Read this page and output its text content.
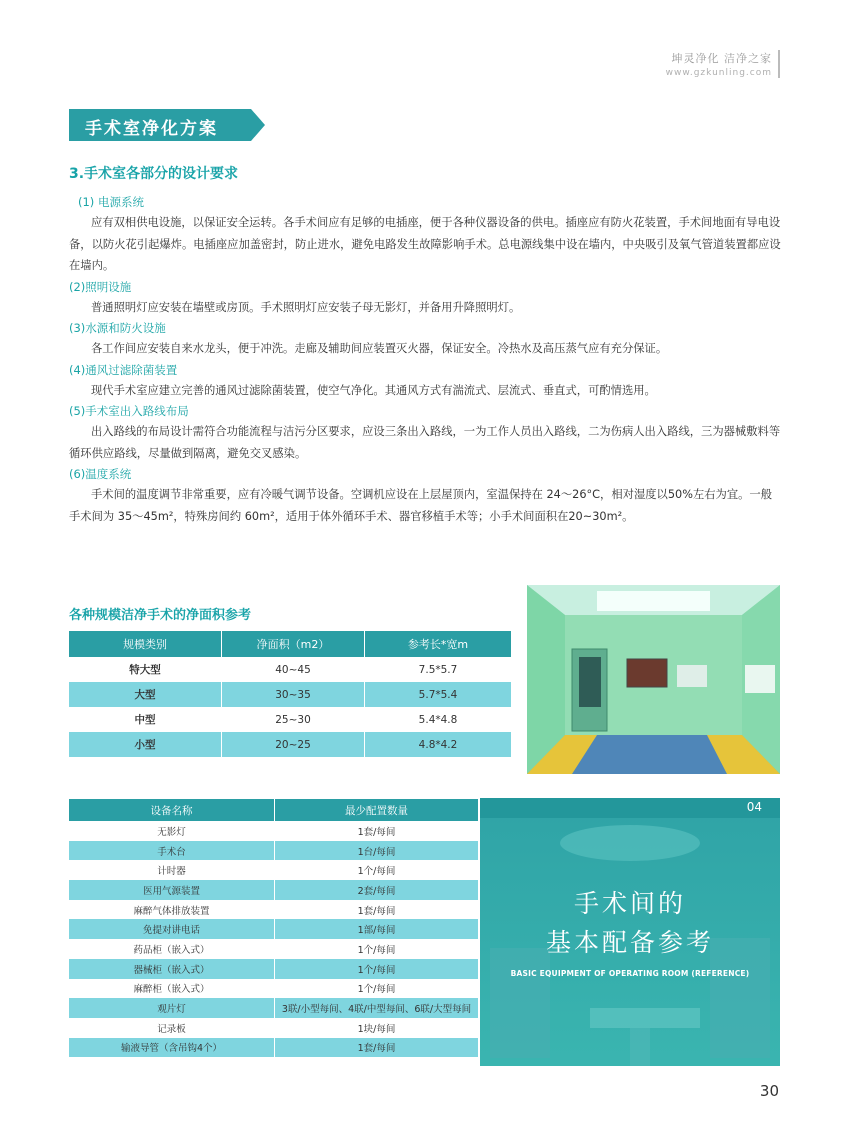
坤灵净化 洁净之家
www.gzkunling.com
手术室净化方案
3.手术室各部分的设计要求
(1) 电源系统

应有双相供电设施，以保证安全运转。各手术间应有足够的电插座，便于各种仪器设备的供电。插座应有防火花装置，手术间地面有导电设备，以防火花引起爆炸。电插座应加盖密封，防止进水，避免电路发生故障影响手术。总电源线集中设在墙内，中央吸引及氧气管道装置都应设在墙内。

(2)照明设施

普通照明灯应安装在墙壁或房顶。手术照明灯应安装子母无影灯，并备用升降照明灯。

(3)水源和防火设施

各工作间应安装自来水龙头，便于冲洗。走廊及辅助间应装置灭火器，保证安全。冷热水及高压蒸气应有充分保证。

(4)通风过滤除菌装置

现代手术室应建立完善的通风过滤除菌装置，使空气净化。其通风方式有湍流式、层流式、垂直式，可酌情选用。

(5)手术室出入路线布局

出入路线的布局设计需符合功能流程与洁污分区要求，应设三条出入路线，一为工作人员出入路线，二为伤病人出入路线，三为器械敷料等循环供应路线，尽量做到隔离，避免交叉感染。

(6)温度系统

手术间的温度调节非常重要，应有冷暖气调节设备。空调机应设在上层屋顶内，室温保持在 24～26°C，相对湿度以50%左右为宜。一般手术间为 35～45m²，特殊房间约 60m²，适用于体外循环手术、器官移植手术等；小手术间面积在20~30m²。

各种规模洁净手术的净面积参考
规模类别	净面积（m2）	参考长*宽m
特大型	40~45	7.5*5.7
大型	30~35	5.7*5.4
中型	25~30	5.4*4.8
小型	20~25	4.8*4.2
设备名称	最少配置数量
无影灯	1套/每间
手术台	1台/每间
计时器	1个/每间
医用气源装置	2套/每间
麻醉气体排放装置	1套/每间
免提对讲电话	1部/每间
药品柜（嵌入式）	1个/每间
器械柜（嵌入式）	1个/每间
麻醉柜（嵌入式）	1个/每间
观片灯	3联/小型每间、4联/中型每间、6联/大型每间
记录板	1块/每间
输液导管（含吊钩4个）	1套/每间
04
手术间的
基本配备参考
BASIC EQUIPMENT OF OPERATING ROOM (REFERENCE)
30
